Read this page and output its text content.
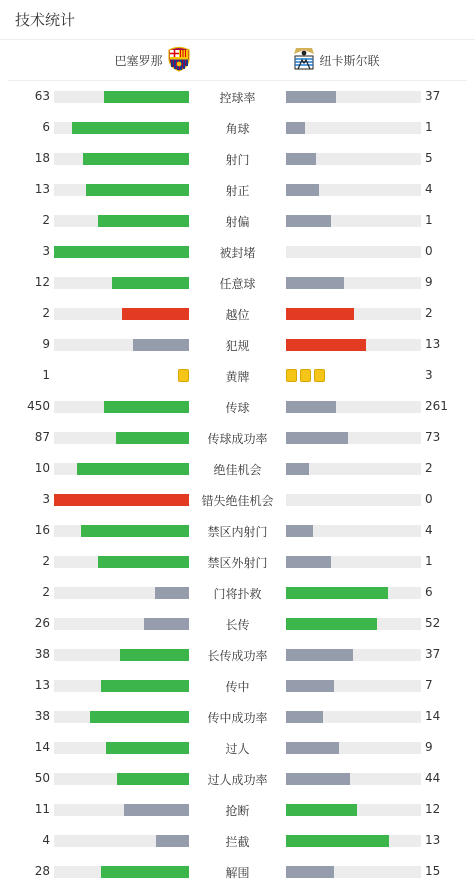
技术统计
巴塞罗那	纽卡斯尔联
63	控球率	37
6	角球	1
18	射门	5
13	射正	4
2	射偏	1
3	被封堵	0
12	任意球	9
2	越位	2
9	犯规	13
1	黄牌	3
450	传球	261
87	传球成功率	73
10	绝佳机会	2
3	错失绝佳机会	0
16	禁区内射门	4
2	禁区外射门	1
2	门将扑救	6
26	长传	52
38	长传成功率	37
13	传中	7
38	传中成功率	14
14	过人	9
50	过人成功率	44
11	抢断	12
4	拦截	13
28	解围	15
